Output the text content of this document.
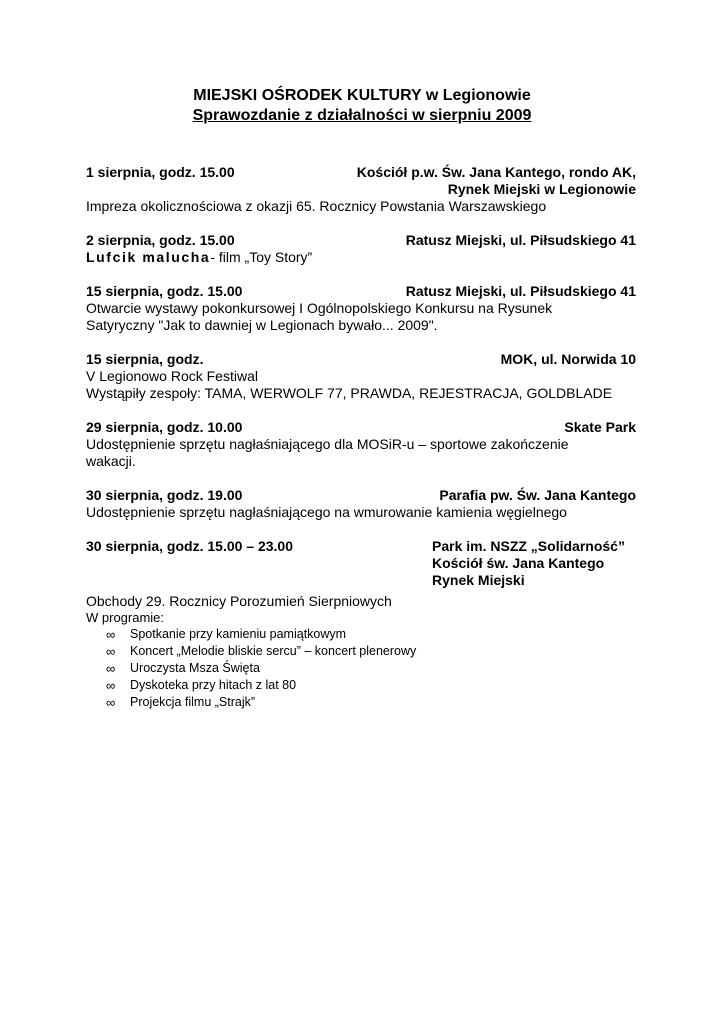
MIEJSKI OŚRODEK KULTURY w Legionowie
Sprawozdanie z działalności w sierpniu 2009
1 sierpnia, godz. 15.00	Kościół p.w. Św. Jana Kantego, rondo AK,
Rynek Miejski w Legionowie
Impreza okolicznościowa z okazji 65. Rocznicy Powstania Warszawskiego
2 sierpnia, godz. 15.00	Ratusz Miejski, ul. Piłsudskiego 41
Lufcik malucha- film „Toy Story”
15 sierpnia, godz. 15.00	Ratusz Miejski, ul. Piłsudskiego 41
Otwarcie wystawy pokonkursowej I Ogólnopolskiego Konkursu na Rysunek
Satyryczny "Jak to dawniej w Legionach bywało... 2009".
15 sierpnia, godz.	MOK, ul. Norwida 10
V Legionowo Rock Festiwal
Wystąpiły zespoły: TAMA, WERWOLF 77, PRAWDA, REJESTRACJA, GOLDBLADE
29 sierpnia, godz. 10.00	Skate Park
Udostępnienie sprzętu nagłaśniającego dla MOSiR-u – sportowe zakończenie
wakacji.
30 sierpnia, godz. 19.00	Parafia pw. Św. Jana Kantego
Udostępnienie sprzętu nagłaśniającego na wmurowanie kamienia węgielnego
30 sierpnia, godz. 15.00 – 23.00	Park im. NSZZ „Solidarność”
Kościół św. Jana Kantego
Rynek Miejski
Obchody 29. Rocznicy Porozumień Sierpniowych
W programie:
∞	Spotkanie przy kamieniu pamiątkowym
∞	Koncert „Melodie bliskie sercu” – koncert plenerowy
∞	Uroczysta Msza Święta
∞	Dyskoteka przy hitach z lat 80
∞	Projekcja filmu „Strajk”
